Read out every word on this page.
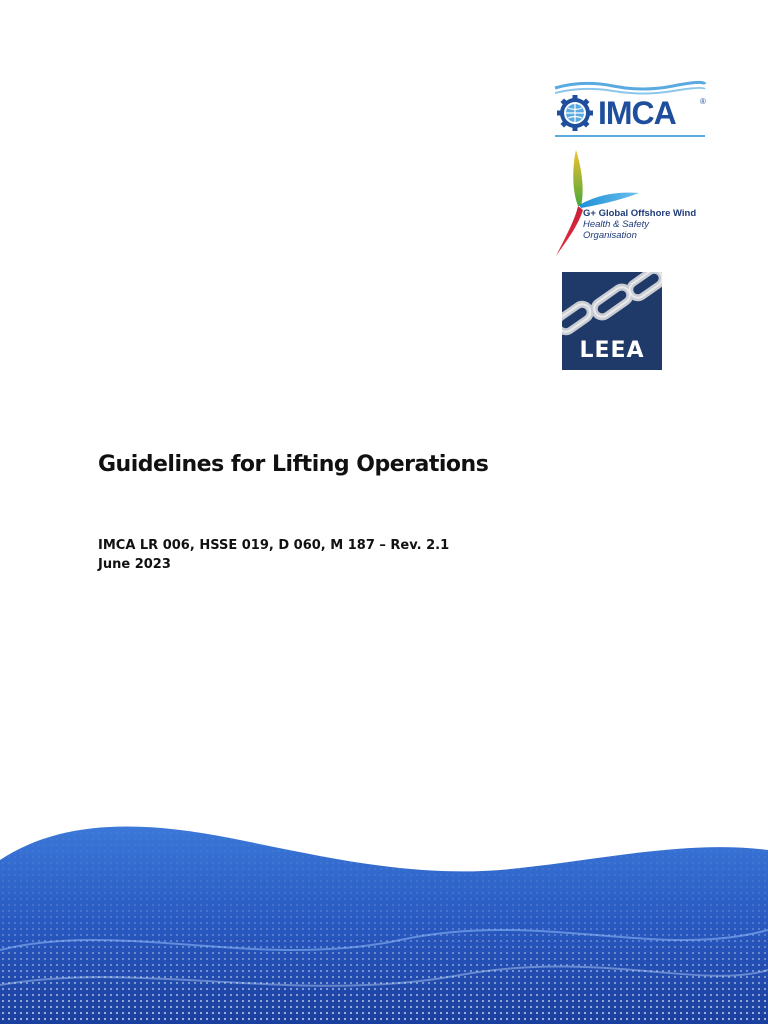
IMCA	®
G+ Global Offshore Wind
Health & Safety
Organisation
LEEA
Guidelines for Lifting Operations

IMCA LR 006, HSSE 019, D 060, M 187 – Rev. 2.1

June 2023
